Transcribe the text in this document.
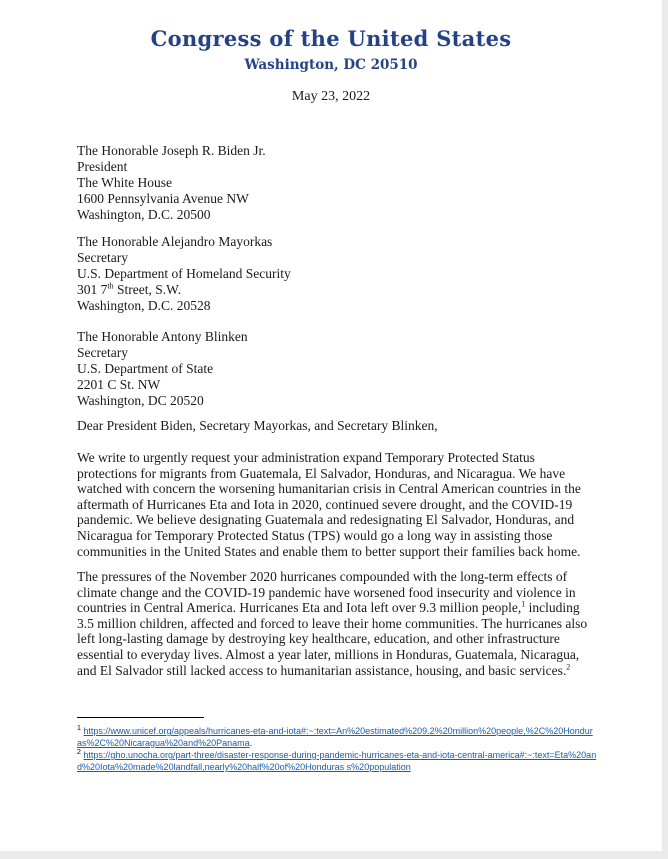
Congress of the United States
Washington, DC 20510
May 23, 2022
The Honorable Joseph R. Biden Jr.
President
The White House
1600 Pennsylvania Avenue NW
Washington, D.C. 20500
The Honorable Alejandro Mayorkas
Secretary
U.S. Department of Homeland Security
301 7th Street, S.W.
Washington, D.C. 20528
The Honorable Antony Blinken
Secretary
U.S. Department of State
2201 C St. NW
Washington, DC 20520
Dear President Biden, Secretary Mayorkas, and Secretary Blinken,
We write to urgently request your administration expand Temporary Protected Status protections for migrants from Guatemala, El Salvador, Honduras, and Nicaragua. We have watched with concern the worsening humanitarian crisis in Central American countries in the aftermath of Hurricanes Eta and Iota in 2020, continued severe drought, and the COVID-19 pandemic. We believe designating Guatemala and redesignating El Salvador, Honduras, and Nicaragua for Temporary Protected Status (TPS) would go a long way in assisting those communities in the United States and enable them to better support their families back home.
The pressures of the November 2020 hurricanes compounded with the long-term effects of climate change and the COVID-19 pandemic have worsened food insecurity and violence in countries in Central America. Hurricanes Eta and Iota left over 9.3 million people,$^1$ including 3.5 million children, affected and forced to leave their home communities. The hurricanes also left long-lasting damage by destroying key healthcare, education, and other infrastructure essential to everyday lives. Almost a year later, millions in Honduras, Guatemala, Nicaragua, and El Salvador still lacked access to humanitarian assistance, housing, and basic services.$^2$
$^1$ https://www.unicef.org/appeals/hurricanes-eta-and-iota#:~:text=An%20estimated%209.2%20million%20people,%2C%20Honduras%2C%20Nicaragua%20and%20Panama.
$^2$ https://gho.unocha.org/part-three/disaster-response-during-pandemic-hurricanes-eta-and-iota-central-america#:~:text=Eta%20and%20Iota%20made%20landfall,nearly%20half%20of%20Honduras s%20population
